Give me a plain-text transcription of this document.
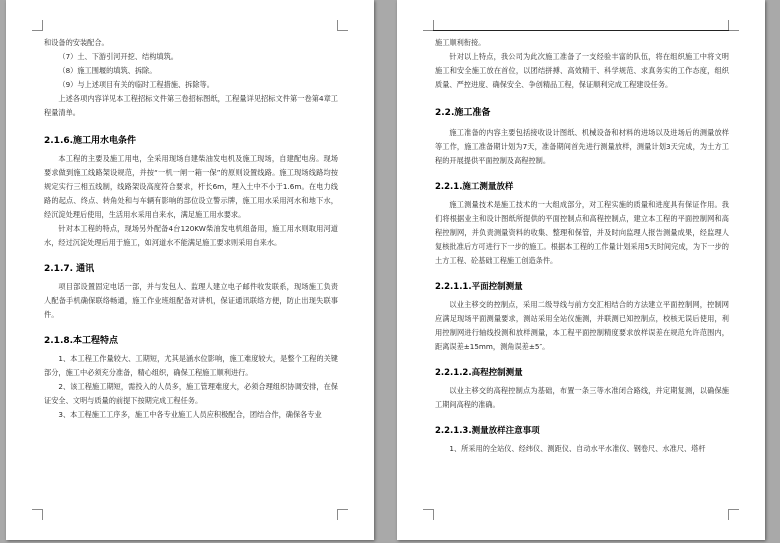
和设备的安装配合。

（7）土、下游引河开挖、结构填筑。

（8）施工围堰的填筑、拆除。

（9）与上述项目有关的临时工程措施、拆除等。

上述各项内容详见本工程招标文件第三卷招标图纸，工程量详见招标文件第一卷第4章工程量清单。

2.1.6.施工用水电条件

本工程的主要及施工用电，全采用现场自建柴油发电机及施工现场，自建配电房。现场要求做到施工线路架设规范，并按“一机一闸一箱一保”的原则设置线路。施工现场线路均按规定实行三相五线制，线路架设高度符合要求，杆长6m，埋入土中不小于1.6m。在电力线路的起点、终点、转角处和与车辆有影响的部位设立警示牌，施工用水采用河水和地下水，经沉淀处理后使用，生活用水采用自来水，满足施工用水要求。

针对本工程的特点，现场另外配备4台120KW柴油发电机组备用，施工用水则取用河道水，经过沉淀处理后用于施工，如河道水不能满足施工要求则采用自来水。

2.1.7. 通讯

项目部设置固定电话一部，并与发包人、监理人建立电子邮件收发联系，现场施工负责人配备手机确保联络畅通，施工作业班组配备对讲机，保证通讯联络方便，防止出现失联事件。

2.1.8.本工程特点

1、本工程工作量较大、工期短，尤其是涵水位影响，施工难度较大，是整个工程的关键部分，施工中必须充分准备，精心组织，确保工程施工顺利进行。

2、该工程施工期短，需投入的人员多，施工管理难度大，必须合理组织协调安排，在保证安全、文明与质量的前提下按期完成工程任务。

3、本工程施工工序多，施工中各专业施工人员应积极配合，团结合作，确保各专业

施工顺利衔接。

针对以上特点，我公司为此次施工准备了一支经验丰富的队伍，将在组织施工中将文明施工和安全施工放在首位，以团结拼搏、高效精干、科学规范、求真务实的工作态度，组织质量、严控进度、确保安全、争创精品工程，保证顺利完成工程建设任务。

2.2.施工准备

施工准备的内容主要包括接收设计图纸、机械设备和材料的进场以及进场后的测量放样等工作，施工准备期计划为7天，准备期间首先进行测量放样，测量计划3天完成，为土方工程的开展提供平面控制及高程控制。

2.2.1.施工测量放样

施工测量技术是施工技术的一大组成部分，对工程实施的质量和进度具有保证作用。我们将根据业主和设计图纸所提供的平面控制点和高程控制点，建立本工程的平面控制网和高程控制网，并负责测量资料的收集、整理和保管，并及时向监理人报告测量成果，经监理人复核批准后方可进行下一步的施工。根据本工程的工作量计划采用5天时间完成，为下一步的土方工程、砼基础工程施工创造条件。

2.2.1.1.平面控制测量

以业主移交的控制点，采用二级导线与前方交汇相结合的方法建立平面控制网，控制网应满足现场平面测量要求，测站采用全站仪施测，并联测已知控制点，校核无误后使用，利用控制网进行轴线投测和放样测量，本工程平面控制精度要求放样误差在规范允许范围内，距离误差±15mm，测角误差±5″。

2.2.1.2.高程控制测量

以业主移交的高程控制点为基础，布置一条三等水准闭合路线，并定期复测，以确保施工期间高程的准确。

2.2.1.3.测量放样注意事项

1、所采用的全站仪、经纬仪、测距仪、自动水平水准仪、钢卷尺、水准尺、塔杆
